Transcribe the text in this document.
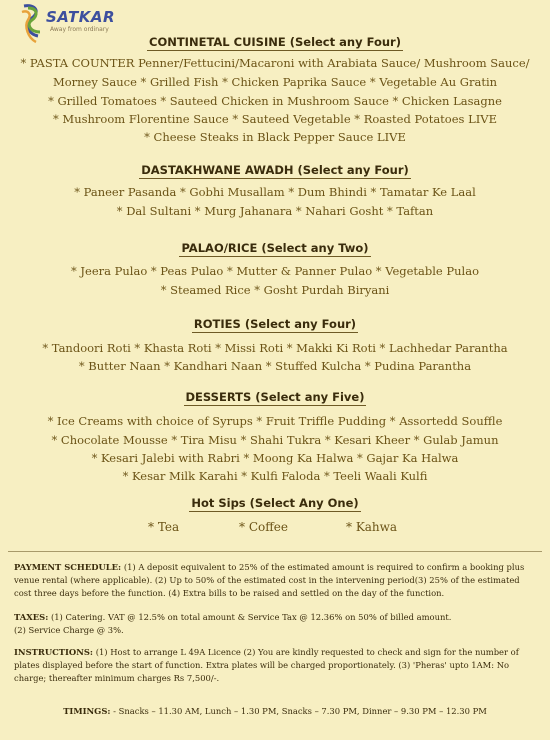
SATKAR
Away from ordinary
CONTINETAL CUISINE (Select any Four)
* PASTA COUNTER Penner/Fettucini/Macaroni with Arabiata Sauce/ Mushroom Sauce/
Morney Sauce * Grilled Fish * Chicken Paprika Sauce * Vegetable Au Gratin
* Grilled Tomatoes * Sauteed Chicken in Mushroom Sauce * Chicken Lasagne
* Mushroom Florentine Sauce * Sauteed Vegetable * Roasted Potatoes LIVE
* Cheese Steaks in Black Pepper Sauce LIVE
DASTAKHWANE AWADH (Select any Four)
* Paneer Pasanda * Gobhi Musallam * Dum Bhindi * Tamatar Ke Laal
* Dal Sultani * Murg Jahanara * Nahari Gosht * Taftan
PALAO/RICE (Select any Two)
* Jeera Pulao * Peas Pulao * Mutter & Panner Pulao * Vegetable Pulao
* Steamed Rice * Gosht Purdah Biryani
ROTIES (Select any Four)
* Tandoori Roti * Khasta Roti * Missi Roti * Makki Ki Roti * Lachhedar Parantha
* Butter Naan * Kandhari Naan * Stuffed Kulcha * Pudina Parantha
DESSERTS (Select any Five)
* Ice Creams with choice of Syrups * Fruit Triffle Pudding * Assortedd Souffle
* Chocolate Mousse * Tira Misu * Shahi Tukra * Kesari Kheer * Gulab Jamun
* Kesari Jalebi with Rabri * Moong Ka Halwa * Gajar Ka Halwa
* Kesar Milk Karahi * Kulfi Faloda * Teeli Waali Kulfi
Hot Sips (Select Any One)
* Tea	* Coffee	* Kahwa
PAYMENT SCHEDULE: (1) A deposit equivalent to 25% of the estimated amount is required to confirm a booking plus venue rental (where applicable). (2) Up to 50% of the estimated cost in the intervening period(3) 25% of the estimated cost three days before the function. (4) Extra bills to be raised and settled on the day of the function.
TAXES: (1) Catering. VAT @ 12.5% on total amount & Service Tax @ 12.36% on 50% of billed amount.
(2) Service Charge @ 3%.
INSTRUCTIONS: (1) Host to arrange L 49A Licence (2) You are kindly requested to check and sign for the number of plates displayed before the start of function. Extra plates will be charged proportionately. (3) 'Pheras' upto 1AM: No charge; thereafter minimum charges Rs 7,500/-.
TIMINGS: - Snacks – 11.30 AM, Lunch – 1.30 PM, Snacks – 7.30 PM, Dinner – 9.30 PM – 12.30 PM
